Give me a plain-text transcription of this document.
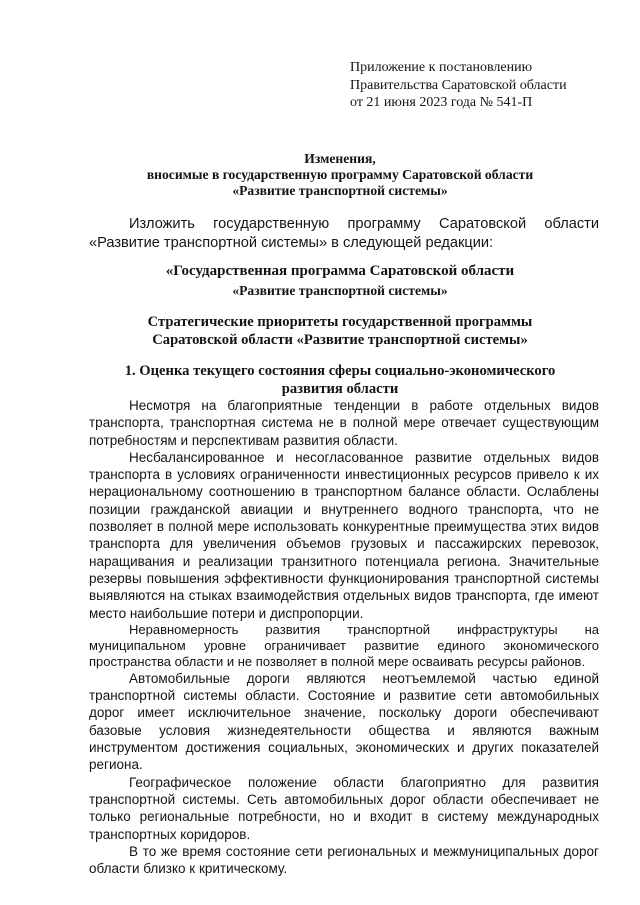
Приложение к постановлению
Правительства Саратовской области
от 21 июня 2023 года № 541-П
Изменения,
вносимые в государственную программу Саратовской области
«Развитие транспортной системы»

Изложить государственную программу Саратовской области «Развитие транспортной системы» в следующей редакции:

«Государственная программа Саратовской области
«Развитие транспортной системы»
Стратегические приоритеты государственной программы
Саратовской области «Развитие транспортной системы»
1. Оценка текущего состояния сферы социально-экономического
развития области

Несмотря на благоприятные тенденции в работе отдельных видов транспорта, транспортная система не в полной мере отвечает существующим потребностям и перспективам развития области.

Несбалансированное и несогласованное развитие отдельных видов транспорта в условиях ограниченности инвестиционных ресурсов привело к их нерациональному соотношению в транспортном балансе области. Ослаблены позиции гражданской авиации и внутреннего водного транспорта, что не позволяет в полной мере использовать конкурентные преимущества этих видов транспорта для увеличения объемов грузовых и пассажирских перевозок, наращивания и реализации транзитного потенциала региона. Значительные резервы повышения эффективности функционирования транспортной системы выявляются на стыках взаимодействия отдельных видов транспорта, где имеют место наибольшие потери и диспропорции.

Неравномерность развития транспортной инфраструктуры на муниципальном уровне ограничивает развитие единого экономического пространства области и не позволяет в полной мере осваивать ресурсы районов.

Автомобильные дороги являются неотъемлемой частью единой транспортной системы области. Состояние и развитие сети автомобильных дорог имеет исключительное значение, поскольку дороги обеспечивают базовые условия жизнедеятельности общества и являются важным инструментом достижения социальных, экономических и других показателей региона.

Географическое положение области благоприятно для развития транспортной системы. Сеть автомобильных дорог области обеспечивает не только региональные потребности, но и входит в систему международных транспортных коридоров.

В то же время состояние сети региональных и межмуниципальных дорог области близко к критическому.
